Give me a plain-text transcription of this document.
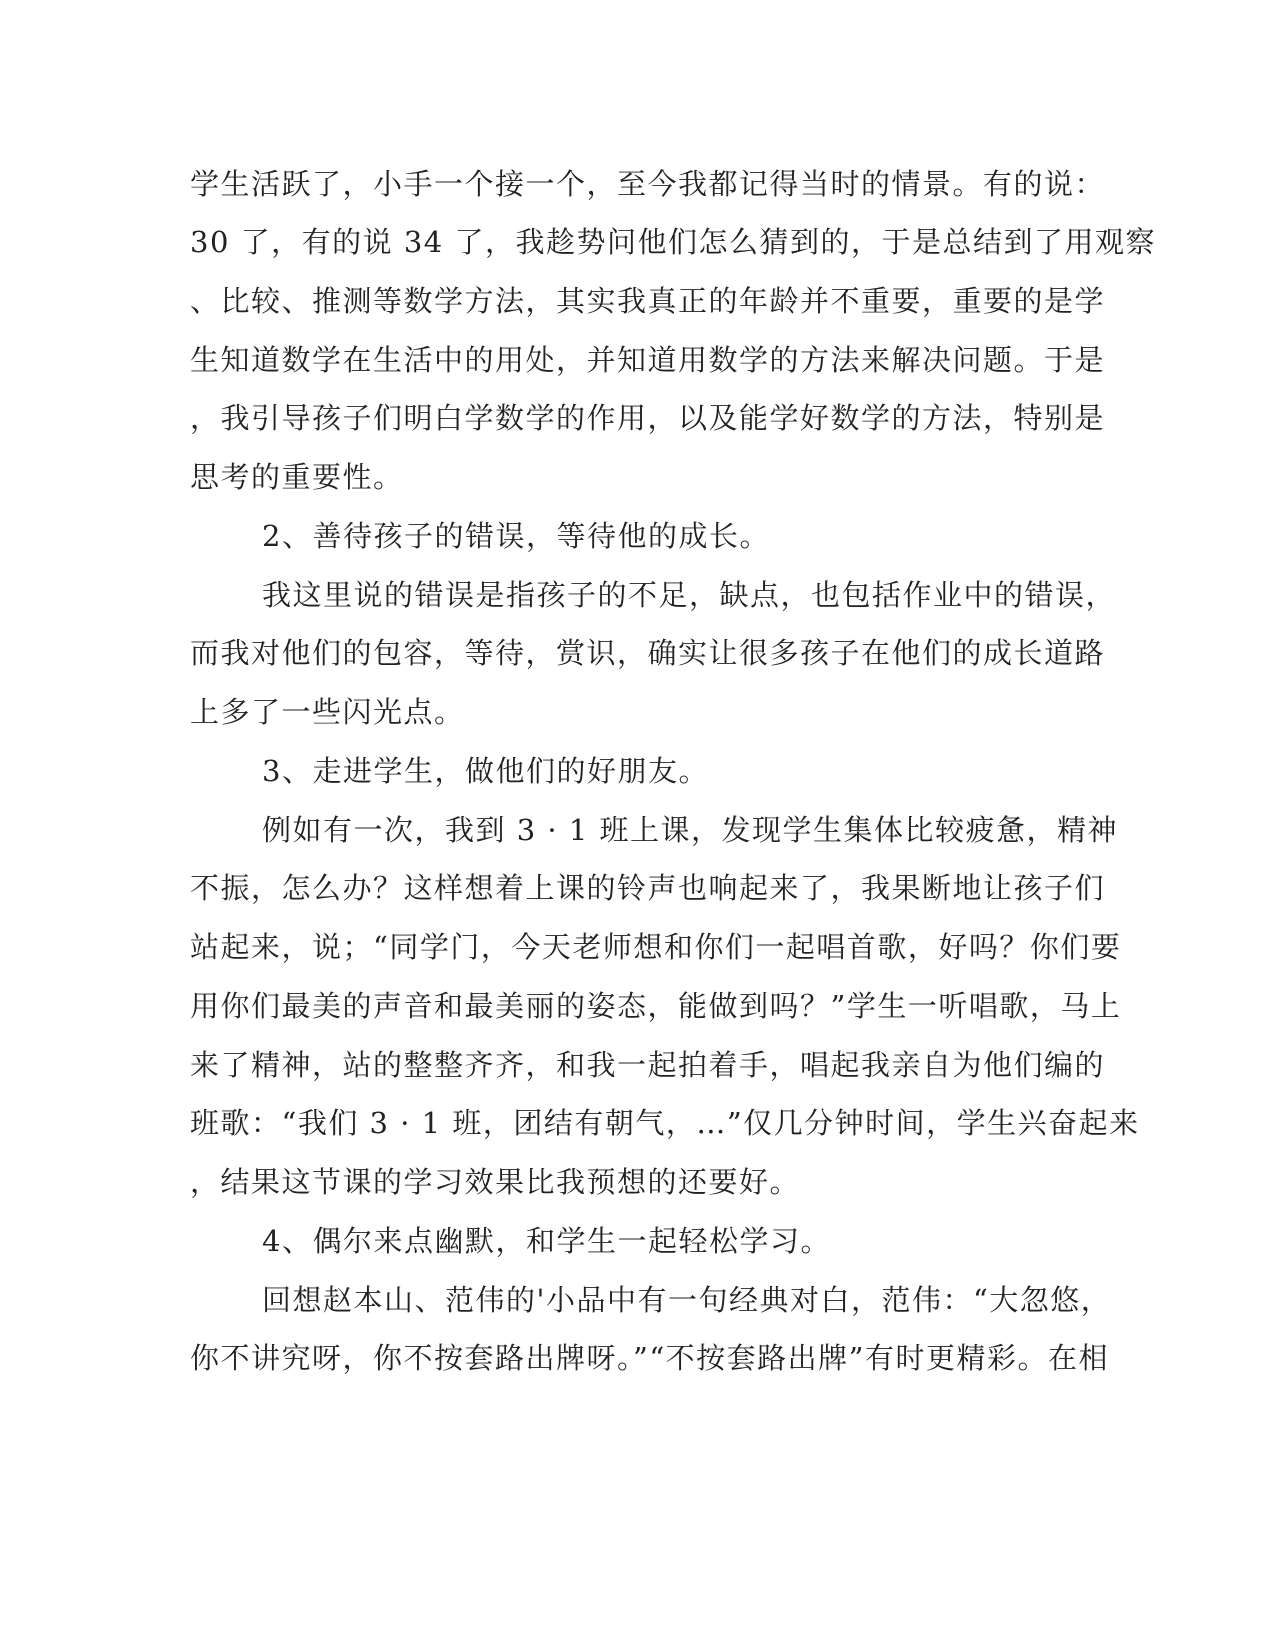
学生活跃了，小手一个接一个，至今我都记得当时的情景。有的说：
30 了，有的说 34 了，我趁势问他们怎么猜到的，于是总结到了用观察
、比较、推测等数学方法，其实我真正的年龄并不重要，重要的是学
生知道数学在生活中的用处，并知道用数学的方法来解决问题。于是
，我引导孩子们明白学数学的作用，以及能学好数学的方法，特别是
思考的重要性。
2、善待孩子的错误，等待他的成长。
我这里说的错误是指孩子的不足，缺点，也包括作业中的错误，
而我对他们的包容，等待，赏识，确实让很多孩子在他们的成长道路
上多了一些闪光点。
3、走进学生，做他们的好朋友。
例如有一次，我到 3 · 1 班上课，发现学生集体比较疲惫，精神
不振，怎么办？这样想着上课的铃声也响起来了，我果断地让孩子们
站起来，说；“同学门，今天老师想和你们一起唱首歌，好吗？你们要
用你们最美的声音和最美丽的姿态，能做到吗？”学生一听唱歌，马上
来了精神，站的整整齐齐，和我一起拍着手，唱起我亲自为他们编的
班歌：“我们 3 · 1 班，团结有朝气，…”仅几分钟时间，学生兴奋起来
，结果这节课的学习效果比我预想的还要好。
4、偶尔来点幽默，和学生一起轻松学习。
回想赵本山、范伟的'小品中有一句经典对白，范伟：“大忽悠，
你不讲究呀，你不按套路出牌呀。”“不按套路出牌”有时更精彩。在相
